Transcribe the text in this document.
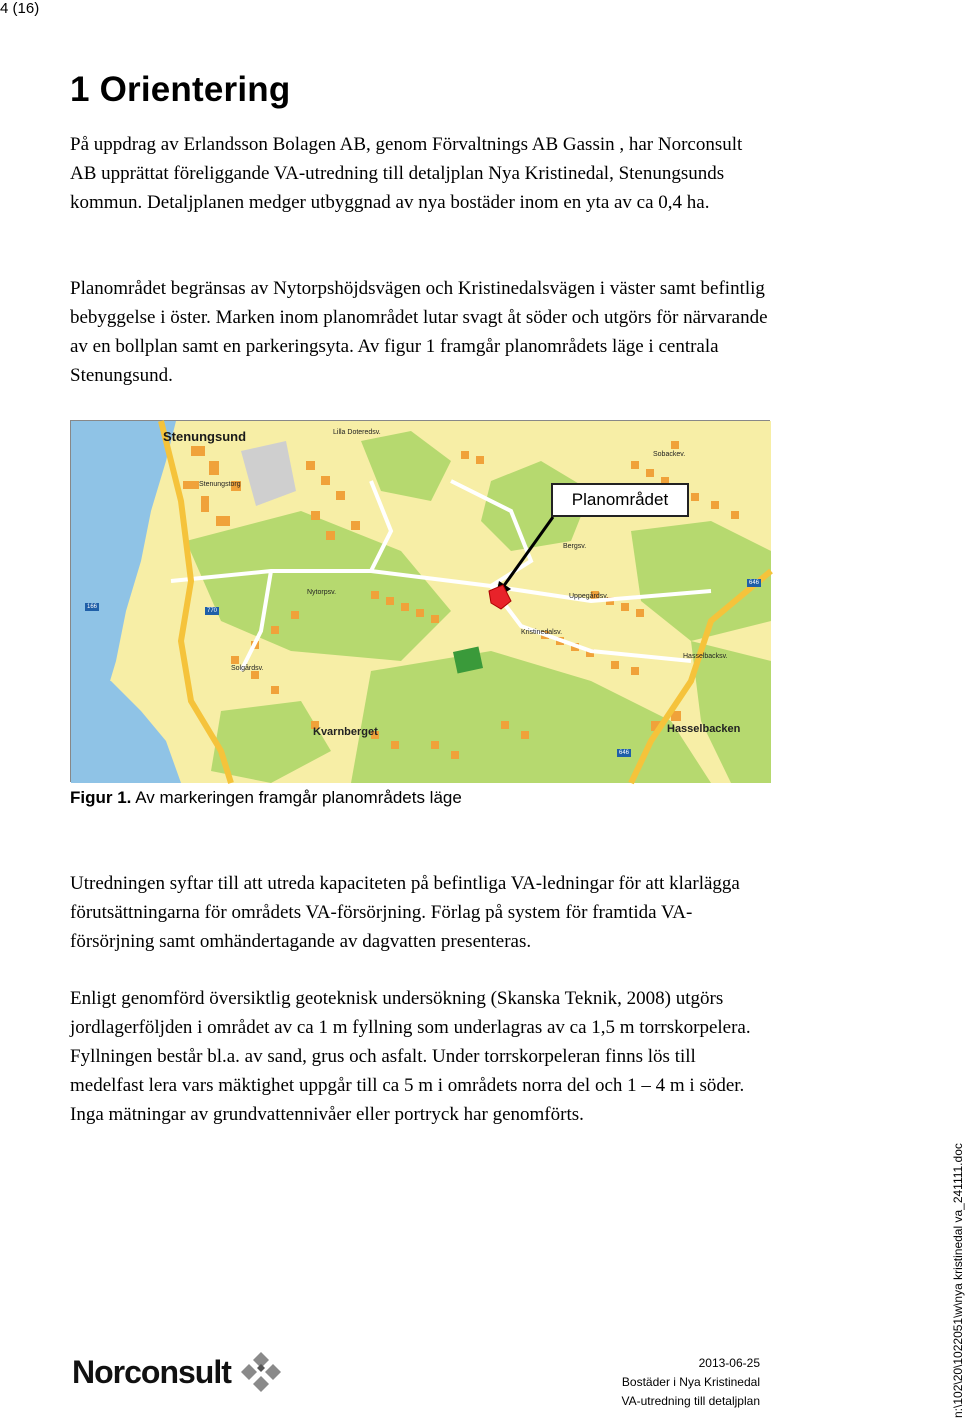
4 (16)
1 Orientering

På uppdrag av Erlandsson Bolagen AB, genom Förvaltnings AB Gassin , har Norconsult AB upprättat föreliggande VA-utredning till detaljplan Nya Kristinedal, Stenungsunds kommun. Detaljplanen medger utbyggnad av nya bostäder inom en yta av ca 0,4 ha.

Planområdet begränsas av Nytorpshöjdsvägen och Kristinedalsvägen i väster samt befintlig bebyggelse i öster. Marken inom planområdet lutar svagt åt söder och utgörs för närvarande av en bollplan samt en parkeringsyta. Av figur 1 framgår planområdets läge i centrala Stenungsund.

Stenungsund
Stenungstorg
Kvarnberget	Hasselbacken
Kristinedalsv.
Uppegårdsv.
Bergsv.
Nytorpsv.
Solgårdsv.
Hasselbacksv.
Lilla Doteredsv.
Sobackev.
166
770
646
646
Planområdet

Figur 1. Av markeringen framgår planområdets läge

Utredningen syftar till att utreda kapaciteten på befintliga VA-ledningar för att klarlägga förutsättningarna för områdets VA-försörjning. Förlag på system för framtida VA-försörjning samt omhändertagande av dagvatten presenteras.

Enligt genomförd översiktlig geoteknisk undersökning (Skanska Teknik, 2008) utgörs jordlagerföljden i området av ca 1 m fyllning som underlagras av ca 1,5 m torrskorpelera. Fyllningen består bl.a. av sand, grus och asfalt. Under torrskorpeleran finns lös till medelfast lera vars mäktighet uppgår till ca 5 m i områdets norra del och 1 – 4 m i söder. Inga mätningar av grundvattennivåer eller portryck har genomförts.

Norconsult	2013-06-25
Bostäder i Nya Kristinedal
VA-utredning till detaljplan	n:\102\20\1022051\w\nya kristinedal va_241111.doc
